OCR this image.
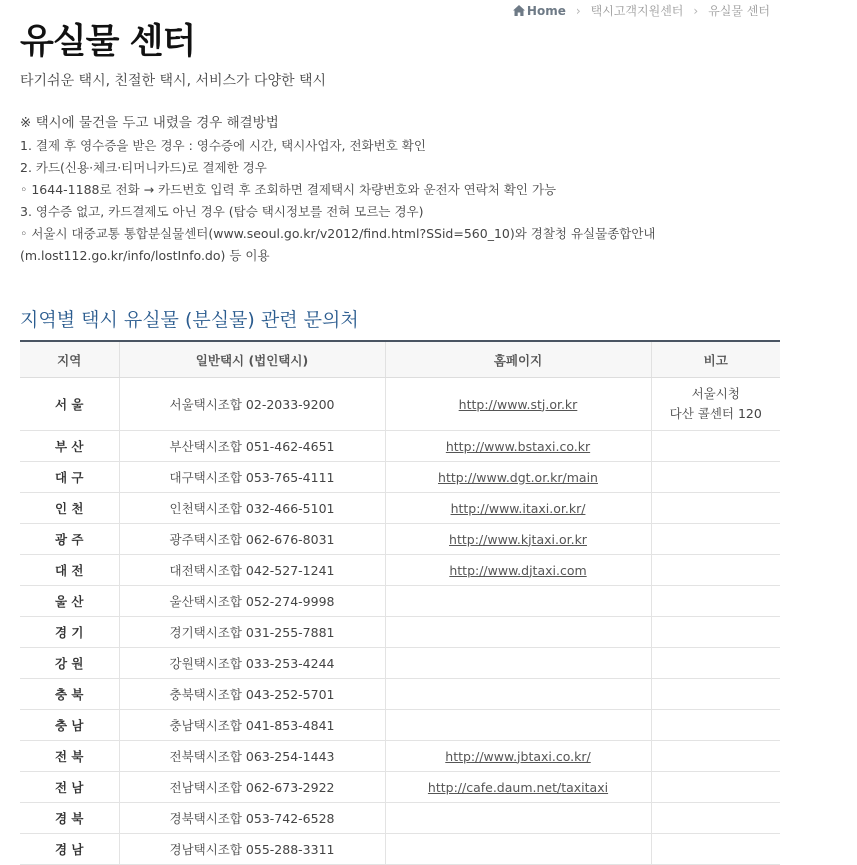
Home › 택시고객지원센터 › 유실물 센터
유실물 센터

타기쉬운 택시, 친절한 택시, 서비스가 다양한 택시

※ 택시에 물건을 두고 내렸을 경우 해결방법
1. 결제 후 영수증을 받은 경우 : 영수증에 시간, 택시사업자, 전화번호 확인
2. 카드(신용·체크·티머니카드)로 결제한 경우
◦ 1644-1188로 전화 → 카드번호 입력 후 조회하면 결제택시 차량번호와 운전자 연락처 확인 가능
3. 영수증 없고, 카드결제도 아닌 경우 (탑승 택시정보를 전혀 모르는 경우)
◦ 서울시 대중교통 통합분실물센터(www.seoul.go.kr/v2012/find.html?SSid=560_10)와 경찰청 유실물종합안내
(m.lost112.go.kr/info/lostInfo.do) 등 이용
지역별 택시 유실물 (분실물) 관련 문의처
지역	일반택시 (법인택시)	홈페이지	비고
서 울	서울택시조합 02-2033-9200	http://www.stj.or.kr	서울시청
다산 콜센터 120

부 산	부산택시조합 051-462-4651	http://www.bstaxi.co.kr	
대 구	대구택시조합 053-765-4111	http://www.dgt.or.kr/main	
인 천	인천택시조합 032-466-5101	http://www.itaxi.or.kr/	
광 주	광주택시조합 062-676-8031	http://www.kjtaxi.or.kr	
대 전	대전택시조합 042-527-1241	http://www.djtaxi.com	
울 산	울산택시조합 052-274-9998		
경 기	경기택시조합 031-255-7881		
강 원	강원택시조합 033-253-4244		
충 북	충북택시조합 043-252-5701		
충 남	충남택시조합 041-853-4841		
전 북	전북택시조합 063-254-1443	http://www.jbtaxi.co.kr/	
전 남	전남택시조합 062-673-2922	http://cafe.daum.net/taxitaxi	
경 북	경북택시조합 053-742-6528		
경 남	경남택시조합 055-288-3311		
